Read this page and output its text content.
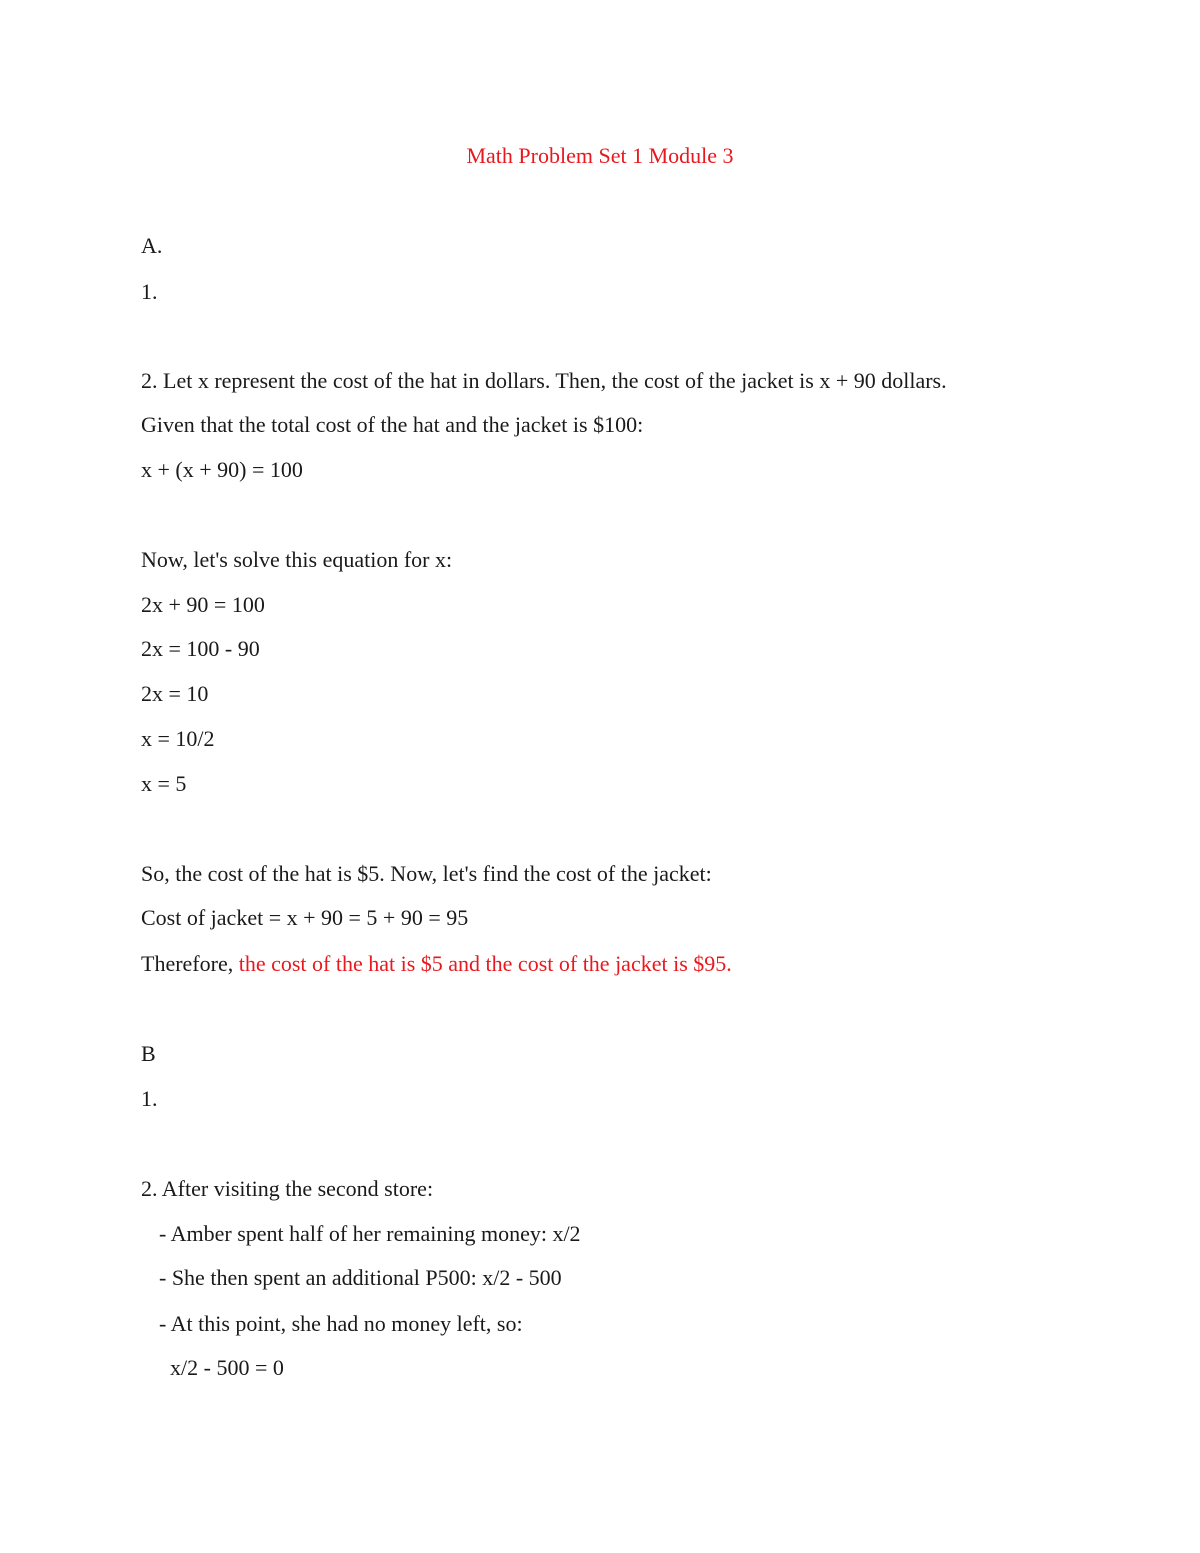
Math Problem Set 1 Module 3
A.
1.
2. Let x represent the cost of the hat in dollars. Then, the cost of the jacket is x + 90 dollars.
Given that the total cost of the hat and the jacket is $100:
x + (x + 90) = 100
Now, let's solve this equation for x:
2x + 90 = 100
2x = 100 - 90
2x = 10
x = 10/2
x = 5
So, the cost of the hat is $5. Now, let's find the cost of the jacket:
Cost of jacket = x + 90 = 5 + 90 = 95
Therefore, the cost of the hat is $5 and the cost of the jacket is $95.
B
1.
2. After visiting the second store:
- Amber spent half of her remaining money: x/2
- She then spent an additional P500: x/2 - 500
- At this point, she had no money left, so:
x/2 - 500 = 0
